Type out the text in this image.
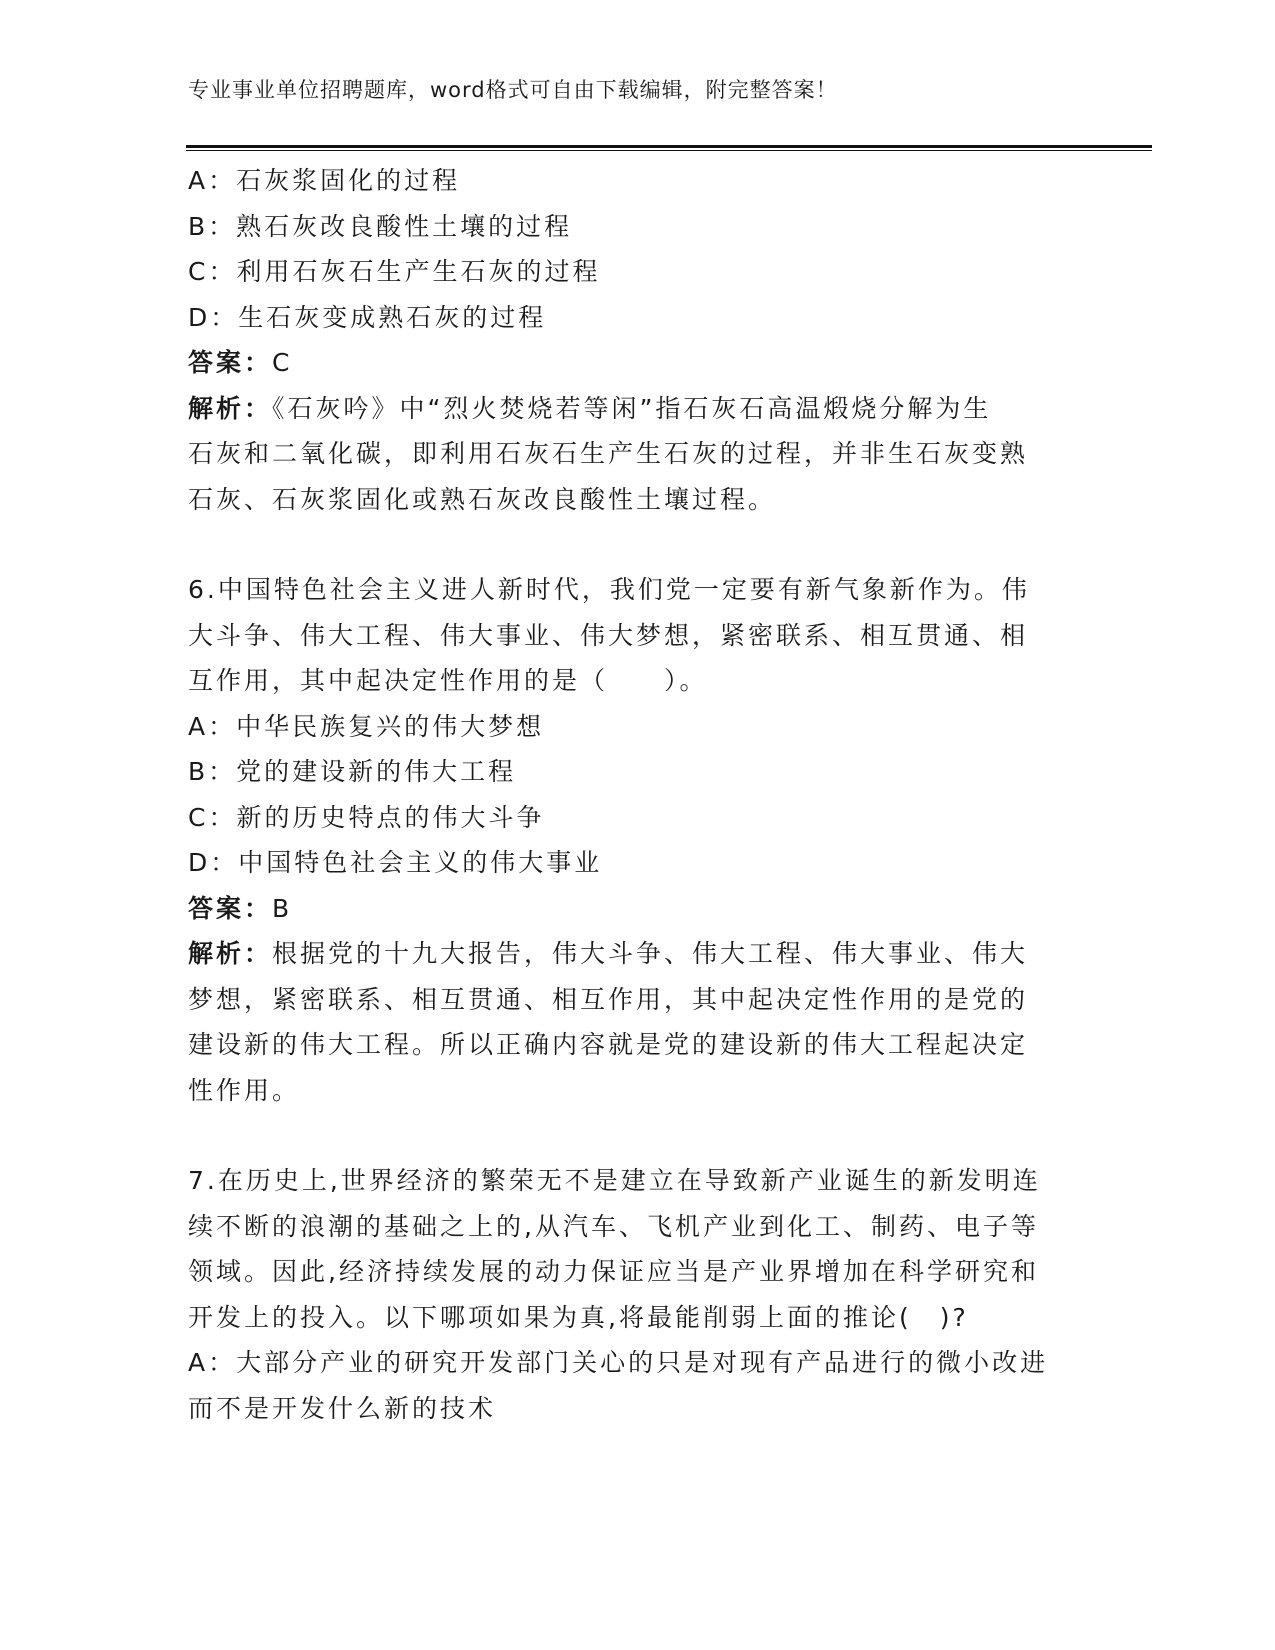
专业事业单位招聘题库，word格式可自由下载编辑，附完整答案！
A：石灰浆固化的过程
B：熟石灰改良酸性土壤的过程
C：利用石灰石生产生石灰的过程
D：生石灰变成熟石灰的过程
答案：C
解析：《石灰吟》中“烈火焚烧若等闲”指石灰石高温煅烧分解为生
石灰和二氧化碳，即利用石灰石生产生石灰的过程，并非生石灰变熟
石灰、石灰浆固化或熟石灰改良酸性土壤过程。
6.中国特色社会主义进人新时代，我们党一定要有新气象新作为。伟
大斗争、伟大工程、伟大事业、伟大梦想，紧密联系、相互贯通、相
互作用，其中起决定性作用的是（　　）。
A：中华民族复兴的伟大梦想
B：党的建设新的伟大工程
C：新的历史特点的伟大斗争
D：中国特色社会主义的伟大事业
答案：B
解析：根据党的十九大报告，伟大斗争、伟大工程、伟大事业、伟大
梦想，紧密联系、相互贯通、相互作用，其中起决定性作用的是党的
建设新的伟大工程。所以正确内容就是党的建设新的伟大工程起决定
性作用。
7.在历史上,世界经济的繁荣无不是建立在导致新产业诞生的新发明连
续不断的浪潮的基础之上的,从汽车、飞机产业到化工、制药、电子等
领域。因此,经济持续发展的动力保证应当是产业界增加在科学研究和
开发上的投入。以下哪项如果为真,将最能削弱上面的推论(　)?
A：大部分产业的研究开发部门关心的只是对现有产品进行的微小改进
而不是开发什么新的技术
